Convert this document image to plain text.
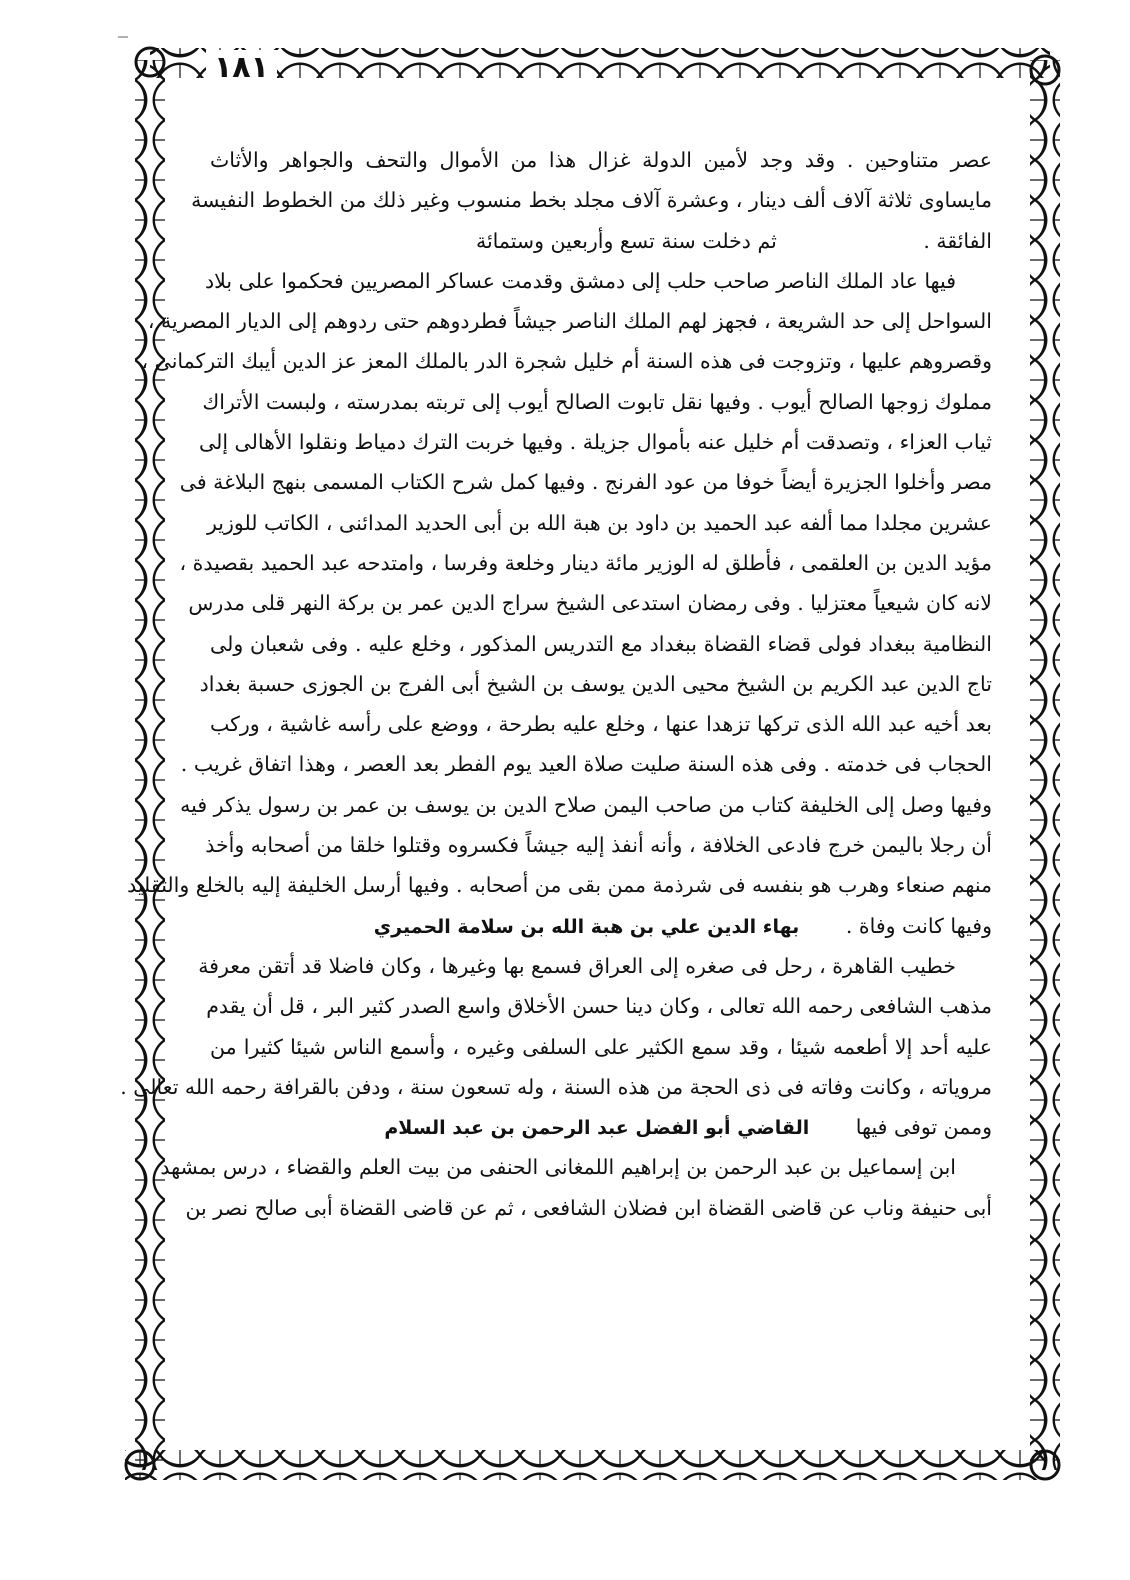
١٨١
عصر متناوحين . وقد وجد لأمين الدولة غزال هذا من الأموال والتحف والجواهر والأثاث
مايساوى ثلاثة آلاف ألف دينار ، وعشرة آلاف مجلد بخط منسوب وغير ذلك من الخطوط النفيسة
الفائقة . ثم دخلت سنة تسع وأربعين وستمائة
فيها عاد الملك الناصر صاحب حلب إلى دمشق وقدمت عساكر المصريين فحكموا على بلاد
السواحل إلى حد الشريعة ، فجهز لهم الملك الناصر جيشاً فطردوهم حتى ردوهم إلى الديار المصرية ،
وقصروهم عليها ، وتزوجت فى هذه السنة أم خليل شجرة الدر بالملك المعز عز الدين أيبك التركمانى ،
مملوك زوجها الصالح أيوب . وفيها نقل تابوت الصالح أيوب إلى تربته بمدرسته ، ولبست الأتراك
ثياب العزاء ، وتصدقت أم خليل عنه بأموال جزيلة . وفيها خربت الترك دمياط ونقلوا الأهالى إلى
مصر وأخلوا الجزيرة أيضاً خوفا من عود الفرنج . وفيها كمل شرح الكتاب المسمى بنهج البلاغة فى
عشرين مجلدا مما ألفه عبد الحميد بن داود بن هبة الله بن أبى الحديد المدائنى ، الكاتب للوزير
مؤيد الدين بن العلقمى ، فأطلق له الوزير مائة دينار وخلعة وفرسا ، وامتدحه عبد الحميد بقصيدة ،
لانه كان شيعياً معتزليا . وفى رمضان استدعى الشيخ سراج الدين عمر بن بركة النهر قلى مدرس
النظامية ببغداد فولى قضاء القضاة ببغداد مع التدريس المذكور ، وخلع عليه . وفى شعبان ولى
تاج الدين عبد الكريم بن الشيخ محيى الدين يوسف بن الشيخ أبى الفرج بن الجوزى حسبة بغداد
بعد أخيه عبد الله الذى تركها تزهدا عنها ، وخلع عليه بطرحة ، ووضع على رأسه غاشية ، وركب
الحجاب فى خدمته . وفى هذه السنة صليت صلاة العيد يوم الفطر بعد العصر ، وهذا اتفاق غريب .
وفيها وصل إلى الخليفة كتاب من صاحب اليمن صلاح الدين بن يوسف بن عمر بن رسول يذكر فيه
أن رجلا باليمن خرج فادعى الخلافة ، وأنه أنفذ إليه جيشاً فكسروه وقتلوا خلقا من أصحابه وأخذ
منهم صنعاء وهرب هو بنفسه فى شرذمة ممن بقى من أصحابه . وفيها أرسل الخليفة إليه بالخلع والتقليد
وفيها كانت وفاة . بهاء الدين علي بن هبة الله بن سلامة الحميري
خطيب القاهرة ، رحل فى صغره إلى العراق فسمع بها وغيرها ، وكان فاضلا قد أتقن معرفة
مذهب الشافعى رحمه الله تعالى ، وكان دينا حسن الأخلاق واسع الصدر كثير البر ، قل أن يقدم
عليه أحد إلا أطعمه شيئا ، وقد سمع الكثير على السلفى وغيره ، وأسمع الناس شيئا كثيرا من
مروياته ، وكانت وفاته فى ذى الحجة من هذه السنة ، وله تسعون سنة ، ودفن بالقرافة رحمه الله تعالى .
وممن توفى فيها القاضي أبو الفضل عبد الرحمن بن عبد السلام
ابن إسماعيل بن عبد الرحمن بن إبراهيم اللمغانى الحنفى من بيت العلم والقضاء ، درس بمشهد
أبى حنيفة وناب عن قاضى القضاة ابن فضلان الشافعى ، ثم عن قاضى القضاة أبى صالح نصر بن
